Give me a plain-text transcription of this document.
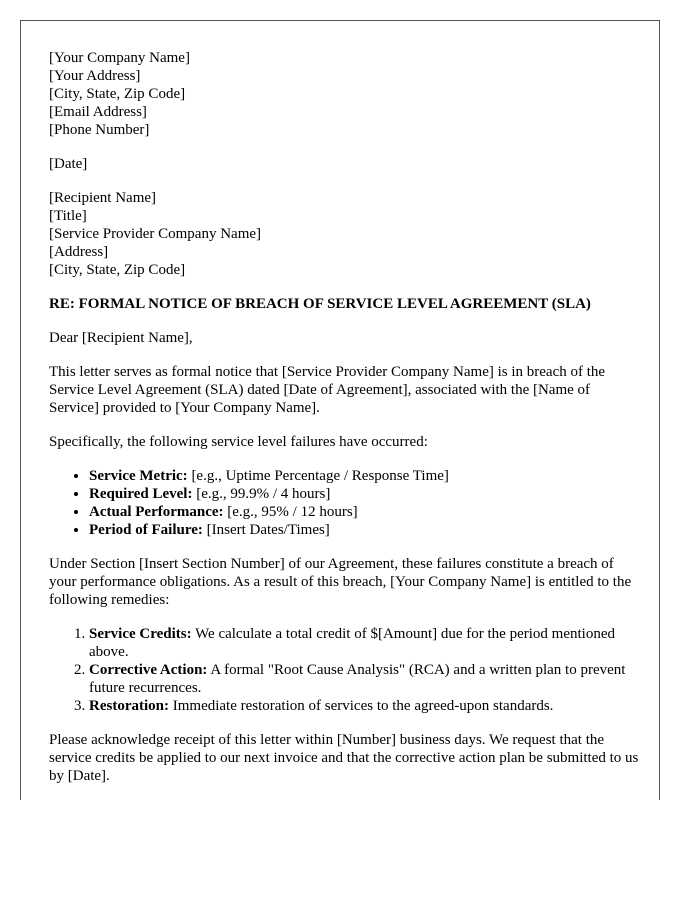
[Your Company Name]
[Your Address]
[City, State, Zip Code]
[Email Address]
[Phone Number]
[Date]
[Recipient Name]
[Title]
[Service Provider Company Name]
[Address]
[City, State, Zip Code]
RE: FORMAL NOTICE OF BREACH OF SERVICE LEVEL AGREEMENT (SLA)

Dear [Recipient Name],

This letter serves as formal notice that [Service Provider Company Name] is in breach of the Service Level Agreement (SLA) dated [Date of Agreement], associated with the [Name of Service] provided to [Your Company Name].

Specifically, the following service level failures have occurred:

• Service Metric: [e.g., Uptime Percentage / Response Time]
• Required Level: [e.g., 99.9% / 4 hours]
• Actual Performance: [e.g., 95% / 12 hours]
• Period of Failure: [Insert Dates/Times]

Under Section [Insert Section Number] of our Agreement, these failures constitute a breach of your performance obligations. As a result of this breach, [Your Company Name] is entitled to the following remedies:

1. Service Credits: We calculate a total credit of $[Amount] due for the period mentioned above.
2. Corrective Action: A formal "Root Cause Analysis" (RCA) and a written plan to prevent future recurrences.
3. Restoration: Immediate restoration of services to the agreed-upon standards.

Please acknowledge receipt of this letter within [Number] business days. We request that the service credits be applied to our next invoice and that the corrective action plan be submitted to us by [Date].
